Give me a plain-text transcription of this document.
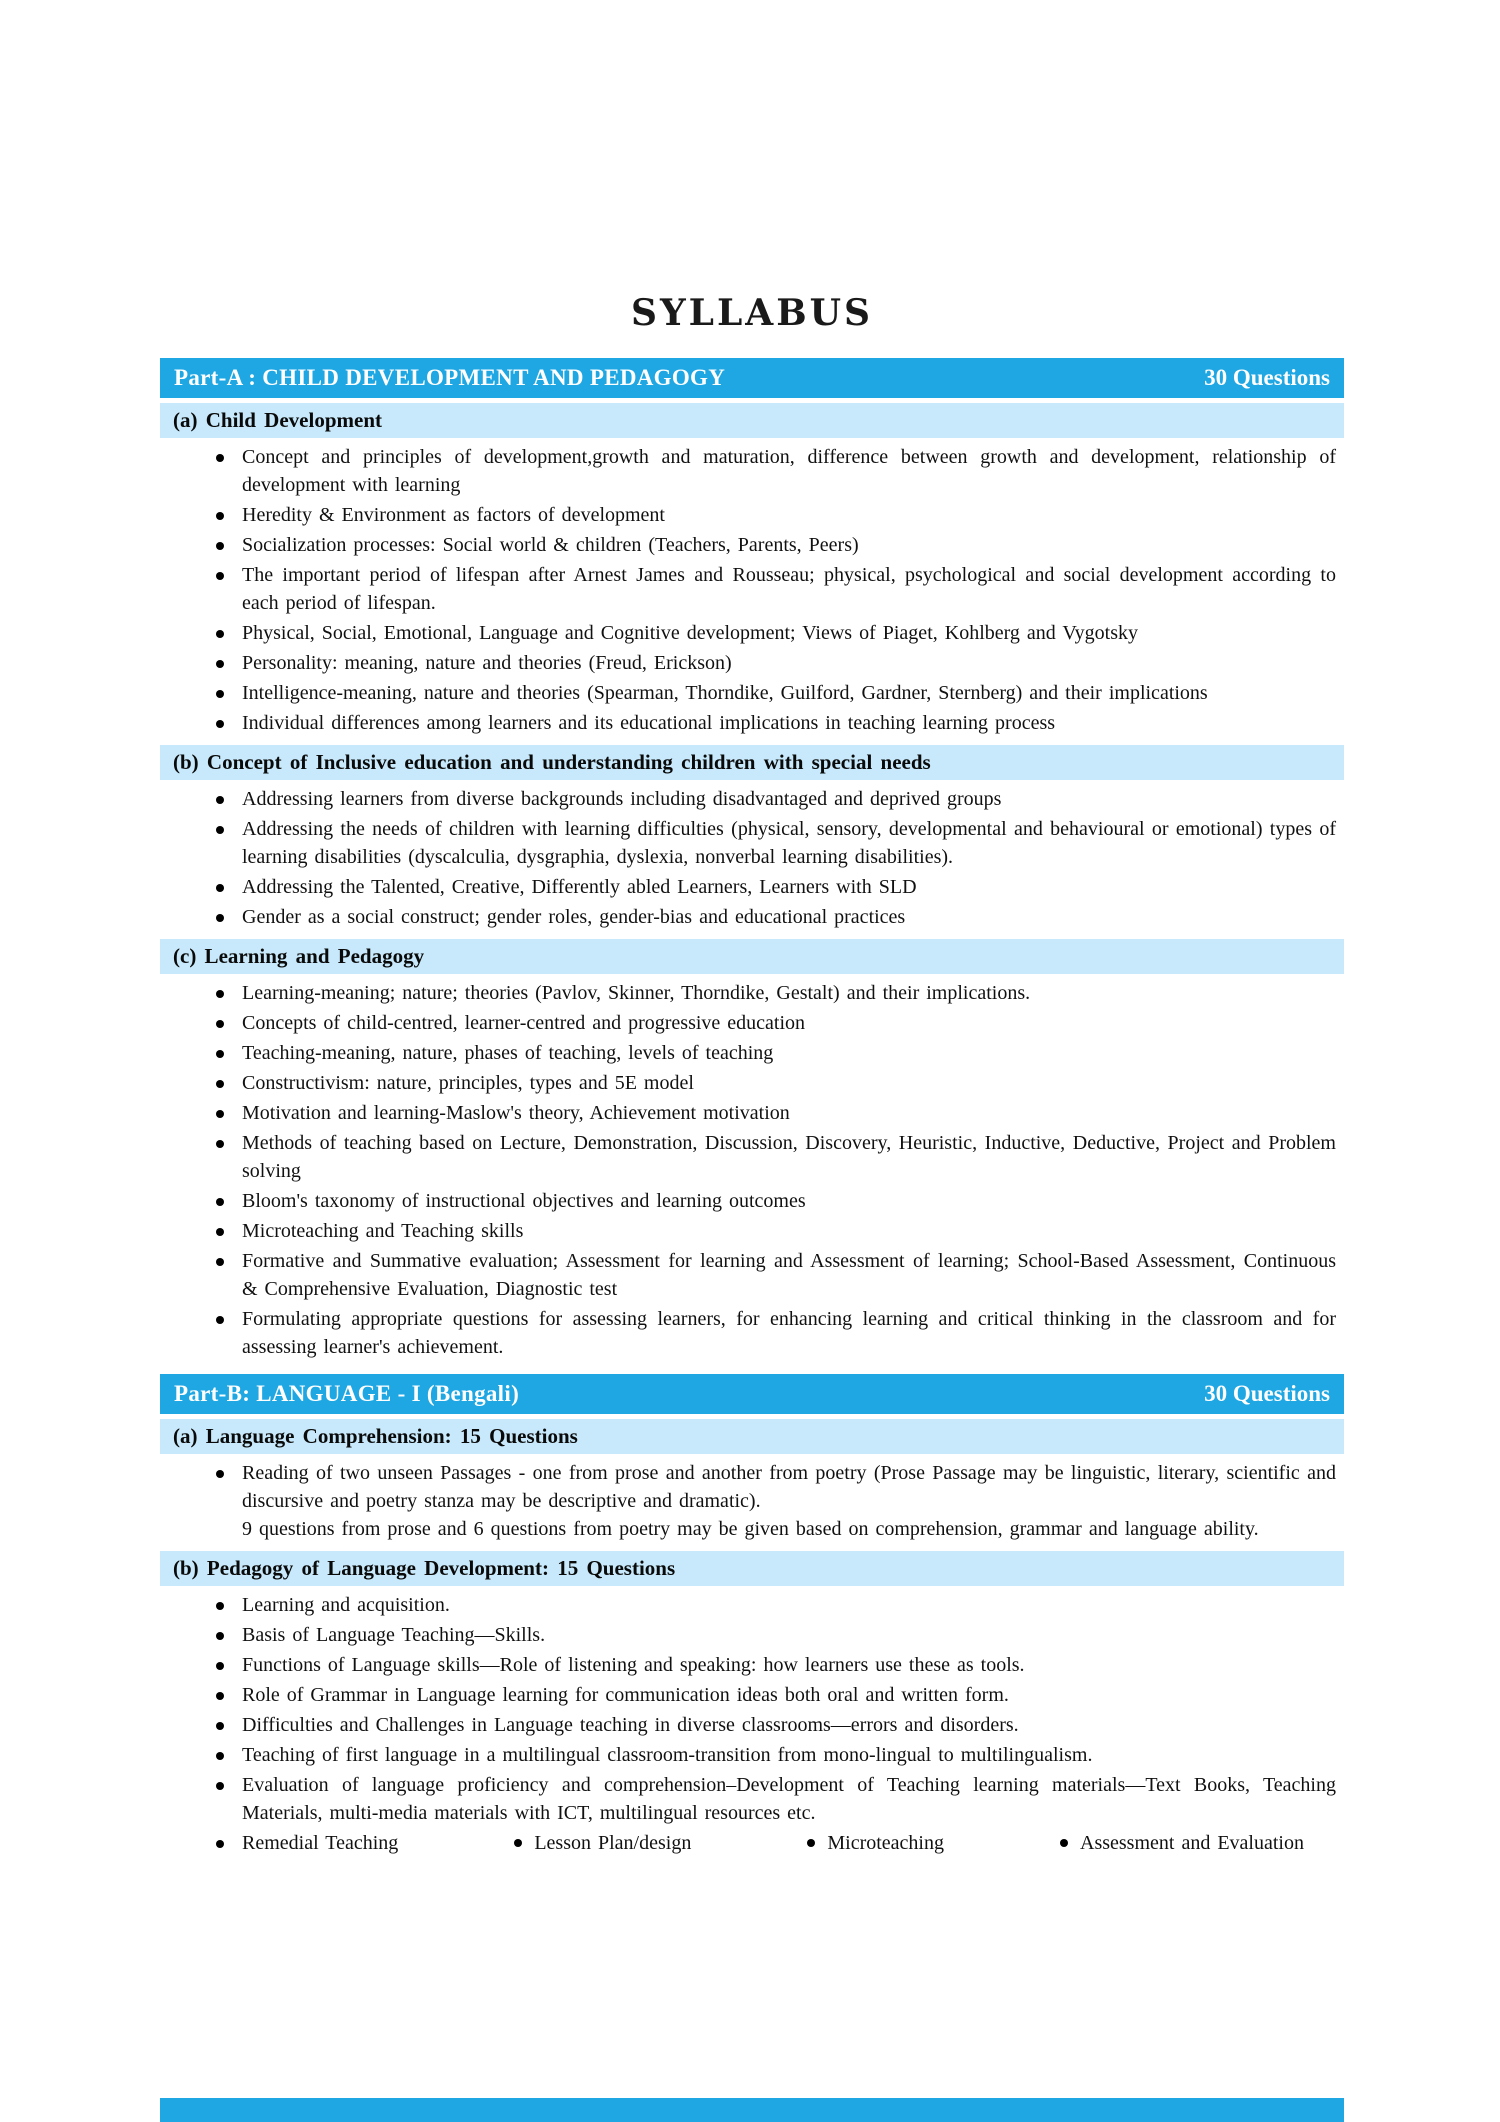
SYLLABUS
Part-A : CHILD DEVELOPMENT AND PEDAGOGY	30 Questions
(a) Child Development
Concept and principles of development,growth and maturation, difference between growth and development, relationship of development with learning
Heredity & Environment as factors of development
Socialization processes: Social world & children (Teachers, Parents, Peers)
The important period of lifespan after Arnest James and Rousseau; physical, psychological and social development according to each period of lifespan.
Physical, Social, Emotional, Language and Cognitive development; Views of Piaget, Kohlberg and Vygotsky
Personality: meaning, nature and theories (Freud, Erickson)
Intelligence-meaning, nature and theories (Spearman, Thorndike, Guilford, Gardner, Sternberg) and their implications
Individual differences among learners and its educational implications in teaching learning process
(b) Concept of Inclusive education and understanding children with special needs
Addressing learners from diverse backgrounds including disadvantaged and deprived groups
Addressing the needs of children with learning difficulties (physical, sensory, developmental and behavioural or emotional) types of learning disabilities (dyscalculia, dysgraphia, dyslexia, nonverbal learning disabilities).
Addressing the Talented, Creative, Differently abled Learners, Learners with SLD
Gender as a social construct; gender roles, gender-bias and educational practices
(c) Learning and Pedagogy
Learning-meaning; nature; theories (Pavlov, Skinner, Thorndike, Gestalt) and their implications.
Concepts of child-centred, learner-centred and progressive education
Teaching-meaning, nature, phases of teaching, levels of teaching
Constructivism: nature, principles, types and 5E model
Motivation and learning-Maslow's theory, Achievement motivation
Methods of teaching based on Lecture, Demonstration, Discussion, Discovery, Heuristic, Inductive, Deductive, Project and Problem solving
Bloom's taxonomy of instructional objectives and learning outcomes
Microteaching and Teaching skills
Formative and Summative evaluation; Assessment for learning and Assessment of learning; School-Based Assessment, Continuous & Comprehensive Evaluation, Diagnostic test
Formulating appropriate questions for assessing learners, for enhancing learning and critical thinking in the classroom and for assessing learner's achievement.
Part-B: LANGUAGE - I (Bengali)	30 Questions
(a) Language Comprehension: 15 Questions
Reading of two unseen Passages - one from prose and another from poetry (Prose Passage may be linguistic, literary, scientific and discursive and poetry stanza may be descriptive and dramatic).
9 questions from prose and 6 questions from poetry may be given based on comprehension, grammar and language ability.
(b) Pedagogy of Language Development: 15 Questions
Learning and acquisition.
Basis of Language Teaching—Skills.
Functions of Language skills—Role of listening and speaking: how learners use these as tools.
Role of Grammar in Language learning for communication ideas both oral and written form.
Difficulties and Challenges in Language teaching in diverse classrooms—errors and disorders.
Teaching of first language in a multilingual classroom-transition from mono-lingual to multilingualism.
Evaluation of language proficiency and comprehension–Development of Teaching learning materials—Text Books, Teaching Materials, multi-media materials with ICT, multilingual resources etc.
Remedial Teaching	Lesson Plan/design	Microteaching	Assessment and Evaluation
